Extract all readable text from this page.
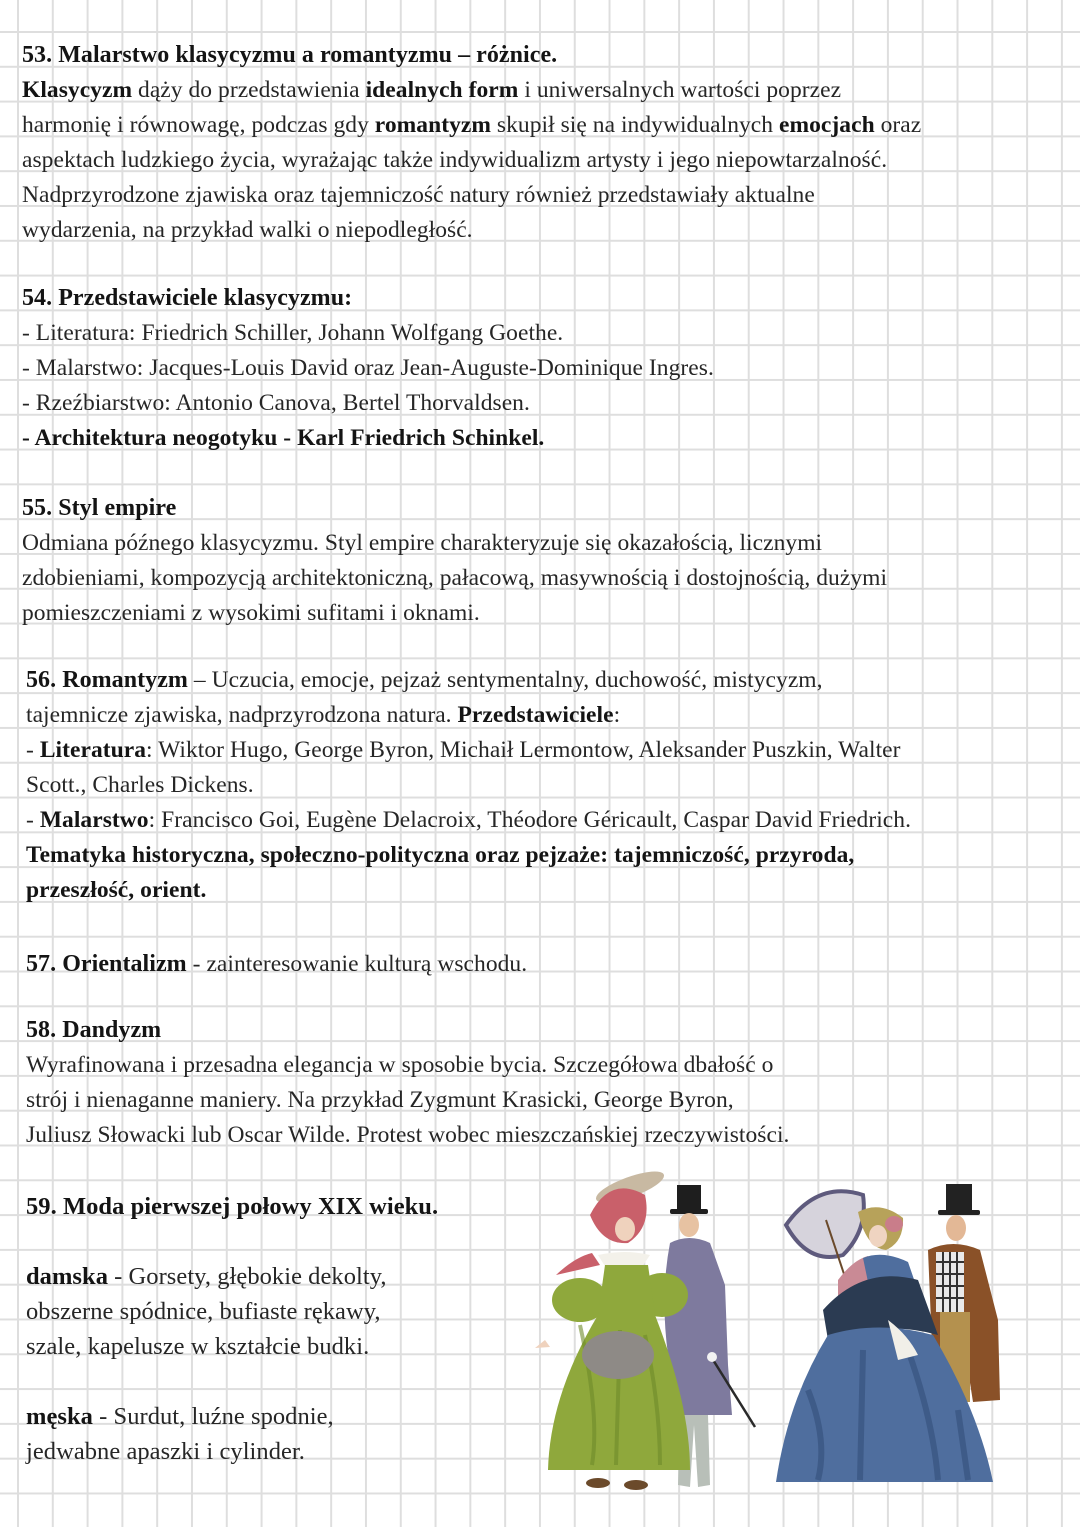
53. Malarstwo klasycyzmu a romantyzmu – różnice.
Klasycyzm dąży do przedstawienia idealnych form i uniwersalnych wartości poprzez
harmonię i równowagę, podczas gdy romantyzm skupił się na indywidualnych emocjach oraz
aspektach ludzkiego życia, wyrażając także indywidualizm artysty i jego niepowtarzalność.
Nadprzyrodzone zjawiska oraz tajemniczość natury również przedstawiały aktualne
wydarzenia, na przykład walki o niepodległość.
54. Przedstawiciele klasycyzmu:
- Literatura: Friedrich Schiller, Johann Wolfgang Goethe.
- Malarstwo: Jacques-Louis David oraz Jean-Auguste-Dominique Ingres.
- Rzeźbiarstwo: Antonio Canova, Bertel Thorvaldsen.
- Architektura neogotyku - Karl Friedrich Schinkel.
55. Styl empire
Odmiana późnego klasycyzmu. Styl empire charakteryzuje się okazałością, licznymi
zdobieniami, kompozycją architektoniczną, pałacową, masywnością i dostojnością, dużymi
pomieszczeniami z wysokimi sufitami i oknami.
56. Romantyzm – Uczucia, emocje, pejzaż sentymentalny, duchowość, mistycyzm,
tajemnicze zjawiska, nadprzyrodzona natura. Przedstawiciele:
- Literatura: Wiktor Hugo, George Byron, Michaił Lermontow, Aleksander Puszkin, Walter
Scott., Charles Dickens.
- Malarstwo: Francisco Goi, Eugène Delacroix, Théodore Géricault, Caspar David Friedrich.
Tematyka historyczna, społeczno-polityczna oraz pejzaże: tajemniczość, przyroda,
przeszłość, orient.
57. Orientalizm - zainteresowanie kulturą wschodu.
58. Dandyzm
Wyrafinowana i przesadna elegancja w sposobie bycia. Szczegółowa dbałość o
strój i nienaganne maniery. Na przykład Zygmunt Krasicki, George Byron,
Juliusz Słowacki lub Oscar Wilde. Protest wobec mieszczańskiej rzeczywistości.
59. Moda pierwszej połowy XIX wieku.
damska - Gorsety, głębokie dekolty,
obszerne spódnice, bufiaste rękawy,
szale, kapelusze w kształcie budki.
męska - Surdut, luźne spodnie,
jedwabne apaszki i cylinder.
